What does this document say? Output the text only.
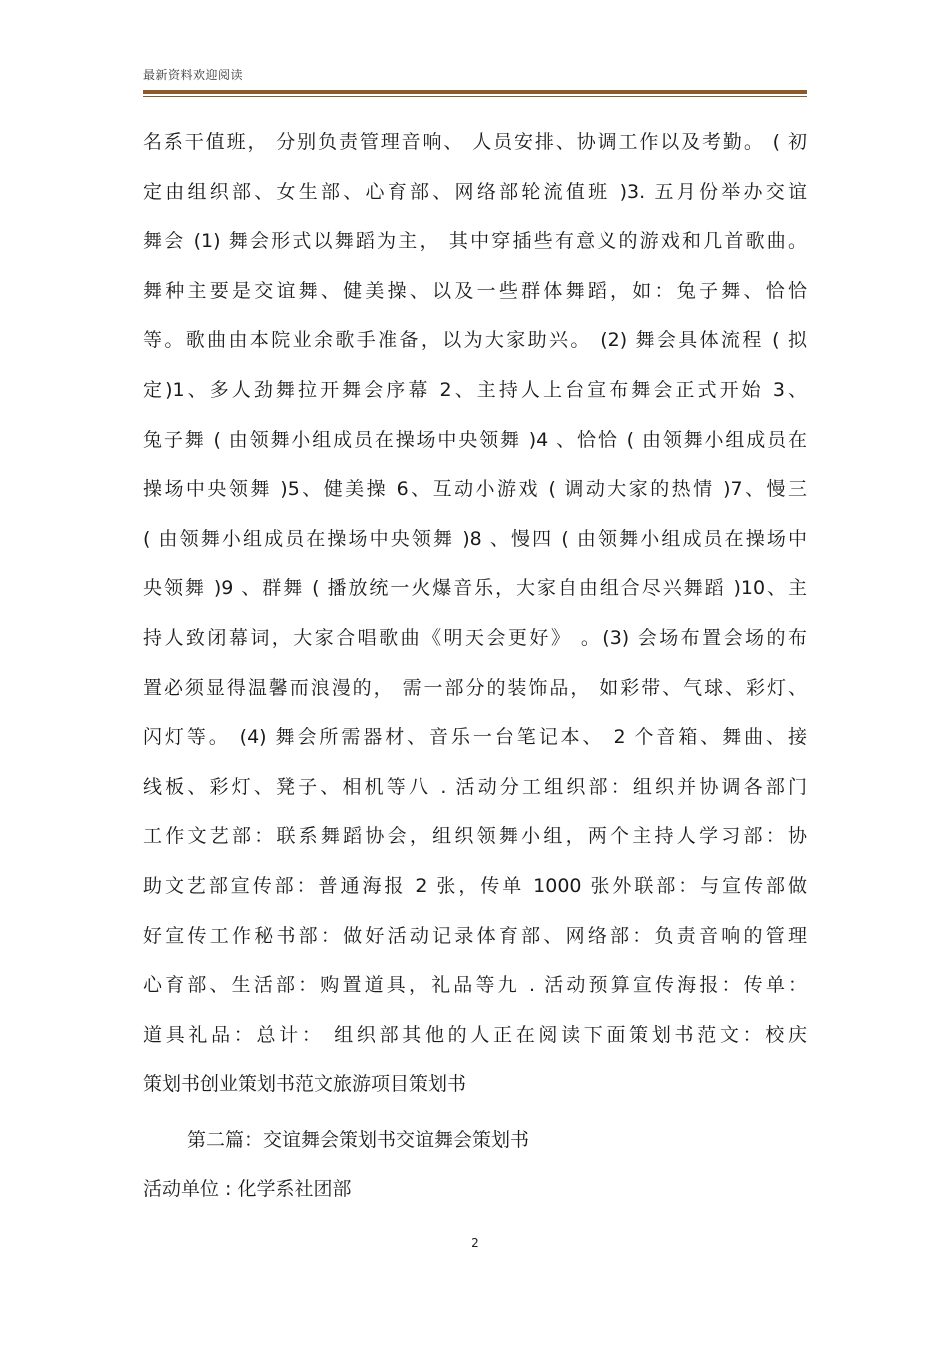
最新资料欢迎阅读
名系干值班， 分别负责管理音响、 人员安排、协调工作以及考勤。 ( 初
定由组织部、女生部、心育部、网络部轮流值班 )3. 五月份举办交谊
舞会 (1) 舞会形式以舞蹈为主， 其中穿插些有意义的游戏和几首歌曲。
舞种主要是交谊舞、健美操、以及一些群体舞蹈，如：兔子舞、恰恰
等。歌曲由本院业余歌手准备，以为大家助兴。 (2) 舞会具体流程 ( 拟
定)1、多人劲舞拉开舞会序幕 2、主持人上台宣布舞会正式开始 3、
兔子舞 ( 由领舞小组成员在操场中央领舞 )4 、恰恰 ( 由领舞小组成员在
操场中央领舞 )5、健美操 6、互动小游戏 ( 调动大家的热情 )7、慢三
( 由领舞小组成员在操场中央领舞 )8 、慢四 ( 由领舞小组成员在操场中
央领舞 )9 、群舞 ( 播放统一火爆音乐，大家自由组合尽兴舞蹈 )10、主
持人致闭幕词，大家合唱歌曲《明天会更好》 。(3) 会场布置会场的布
置必须显得温馨而浪漫的， 需一部分的装饰品， 如彩带、气球、彩灯、
闪灯等。 (4) 舞会所需器材、音乐一台笔记本、 2 个音箱、舞曲、接
线板、彩灯、凳子、相机等八 . 活动分工组织部：组织并协调各部门
工作文艺部：联系舞蹈协会，组织领舞小组，两个主持人学习部：协
助文艺部宣传部：普通海报 2 张，传单 1000 张外联部：与宣传部做
好宣传工作秘书部：做好活动记录体育部、网络部：负责音响的管理
心育部、生活部：购置道具，礼品等九 . 活动预算宣传海报：传单：
道具礼品：总计： 组织部其他的人正在阅读下面策划书范文：校庆
策划书创业策划书范文旅游项目策划书
第二篇：交谊舞会策划书交谊舞会策划书
活动单位 : 化学系社团部
2
